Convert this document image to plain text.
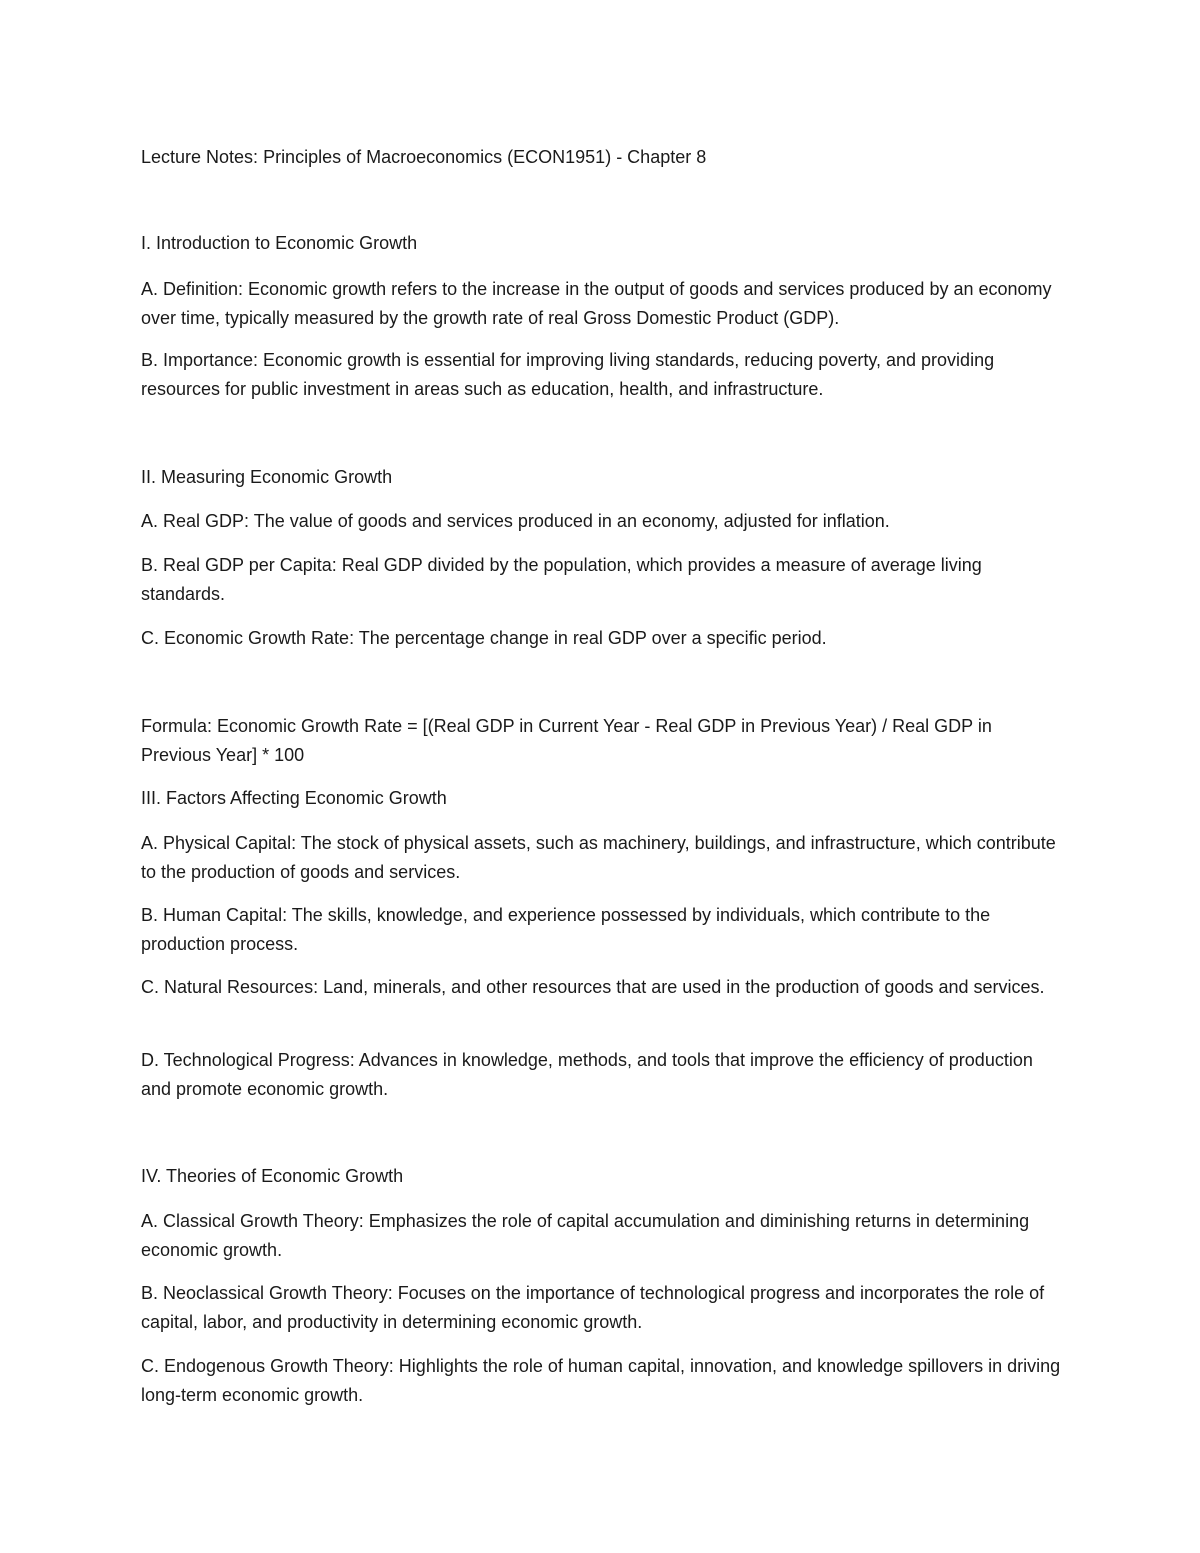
Lecture Notes: Principles of Macroeconomics (ECON1951) - Chapter 8

I. Introduction to Economic Growth

A. Definition: Economic growth refers to the increase in the output of goods and services produced by an economy over time, typically measured by the growth rate of real Gross Domestic Product (GDP).

B. Importance: Economic growth is essential for improving living standards, reducing poverty, and providing resources for public investment in areas such as education, health, and infrastructure.

II. Measuring Economic Growth

A. Real GDP: The value of goods and services produced in an economy, adjusted for inflation.

B. Real GDP per Capita: Real GDP divided by the population, which provides a measure of average living standards.

C. Economic Growth Rate: The percentage change in real GDP over a specific period.

Formula: Economic Growth Rate = [(Real GDP in Current Year - Real GDP in Previous Year) / Real GDP in Previous Year] * 100

III. Factors Affecting Economic Growth

A. Physical Capital: The stock of physical assets, such as machinery, buildings, and infrastructure, which contribute to the production of goods and services.

B. Human Capital: The skills, knowledge, and experience possessed by individuals, which contribute to the production process.

C. Natural Resources: Land, minerals, and other resources that are used in the production of goods and services.

D. Technological Progress: Advances in knowledge, methods, and tools that improve the efficiency of production and promote economic growth.

IV. Theories of Economic Growth

A. Classical Growth Theory: Emphasizes the role of capital accumulation and diminishing returns in determining economic growth.

B. Neoclassical Growth Theory: Focuses on the importance of technological progress and incorporates the role of capital, labor, and productivity in determining economic growth.

C. Endogenous Growth Theory: Highlights the role of human capital, innovation, and knowledge spillovers in driving long-term economic growth.
